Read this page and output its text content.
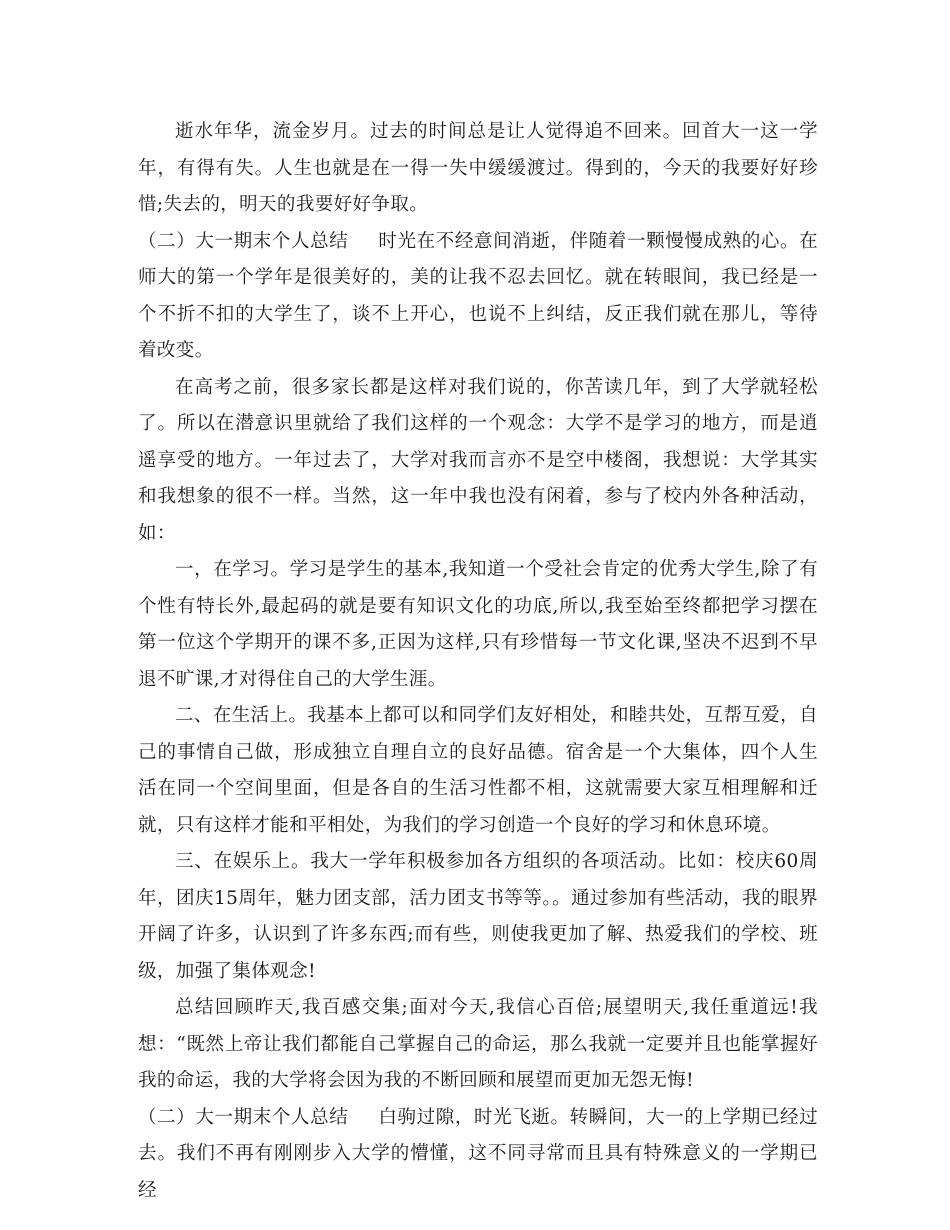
逝水年华，流金岁月。过去的时间总是让人觉得追不回来。回首大一这一学年，有得有失。人生也就是在一得一失中缓缓渡过。得到的，今天的我要好好珍惜;失去的，明天的我要好好争取。

（二）大一期末个人总结 时光在不经意间消逝，伴随着一颗慢慢成熟的心。在师大的第一个学年是很美好的，美的让我不忍去回忆。就在转眼间，我已经是一个不折不扣的大学生了，谈不上开心，也说不上纠结，反正我们就在那儿，等待着改变。

在高考之前，很多家长都是这样对我们说的，你苦读几年，到了大学就轻松了。所以在潜意识里就给了我们这样的一个观念：大学不是学习的地方，而是逍遥享受的地方。一年过去了，大学对我而言亦不是空中楼阁，我想说：大学其实和我想象的很不一样。当然，这一年中我也没有闲着，参与了校内外各种活动，如：

一，在学习。学习是学生的基本,我知道一个受社会肯定的优秀大学生,除了有个性有特长外,最起码的就是要有知识文化的功底,所以,我至始至终都把学习摆在第一位这个学期开的课不多,正因为这样,只有珍惜每一节文化课,坚决不迟到不早退不旷课,才对得住自己的大学生涯。

二、在生活上。我基本上都可以和同学们友好相处，和睦共处，互帮互爱，自己的事情自己做，形成独立自理自立的良好品德。宿舍是一个大集体，四个人生活在同一个空间里面，但是各自的生活习性都不相，这就需要大家互相理解和迁就，只有这样才能和平相处，为我们的学习创造一个良好的学习和休息环境。

三、在娱乐上。我大一学年积极参加各方组织的各项活动。比如：校庆60周年，团庆15周年，魅力团支部，活力团支书等等。。通过参加有些活动，我的眼界开阔了许多，认识到了许多东西;而有些，则使我更加了解、热爱我们的学校、班级，加强了集体观念!

总结回顾昨天,我百感交集;面对今天,我信心百倍;展望明天,我任重道远!我想：“既然上帝让我们都能自己掌握自己的命运，那么我就一定要并且也能掌握好我的命运，我的大学将会因为我的不断回顾和展望而更加无怨无悔!

（二）大一期末个人总结 白驹过隙，时光飞逝。转瞬间，大一的上学期已经过去。我们不再有刚刚步入大学的懵懂，这不同寻常而且具有特殊意义的一学期已经
